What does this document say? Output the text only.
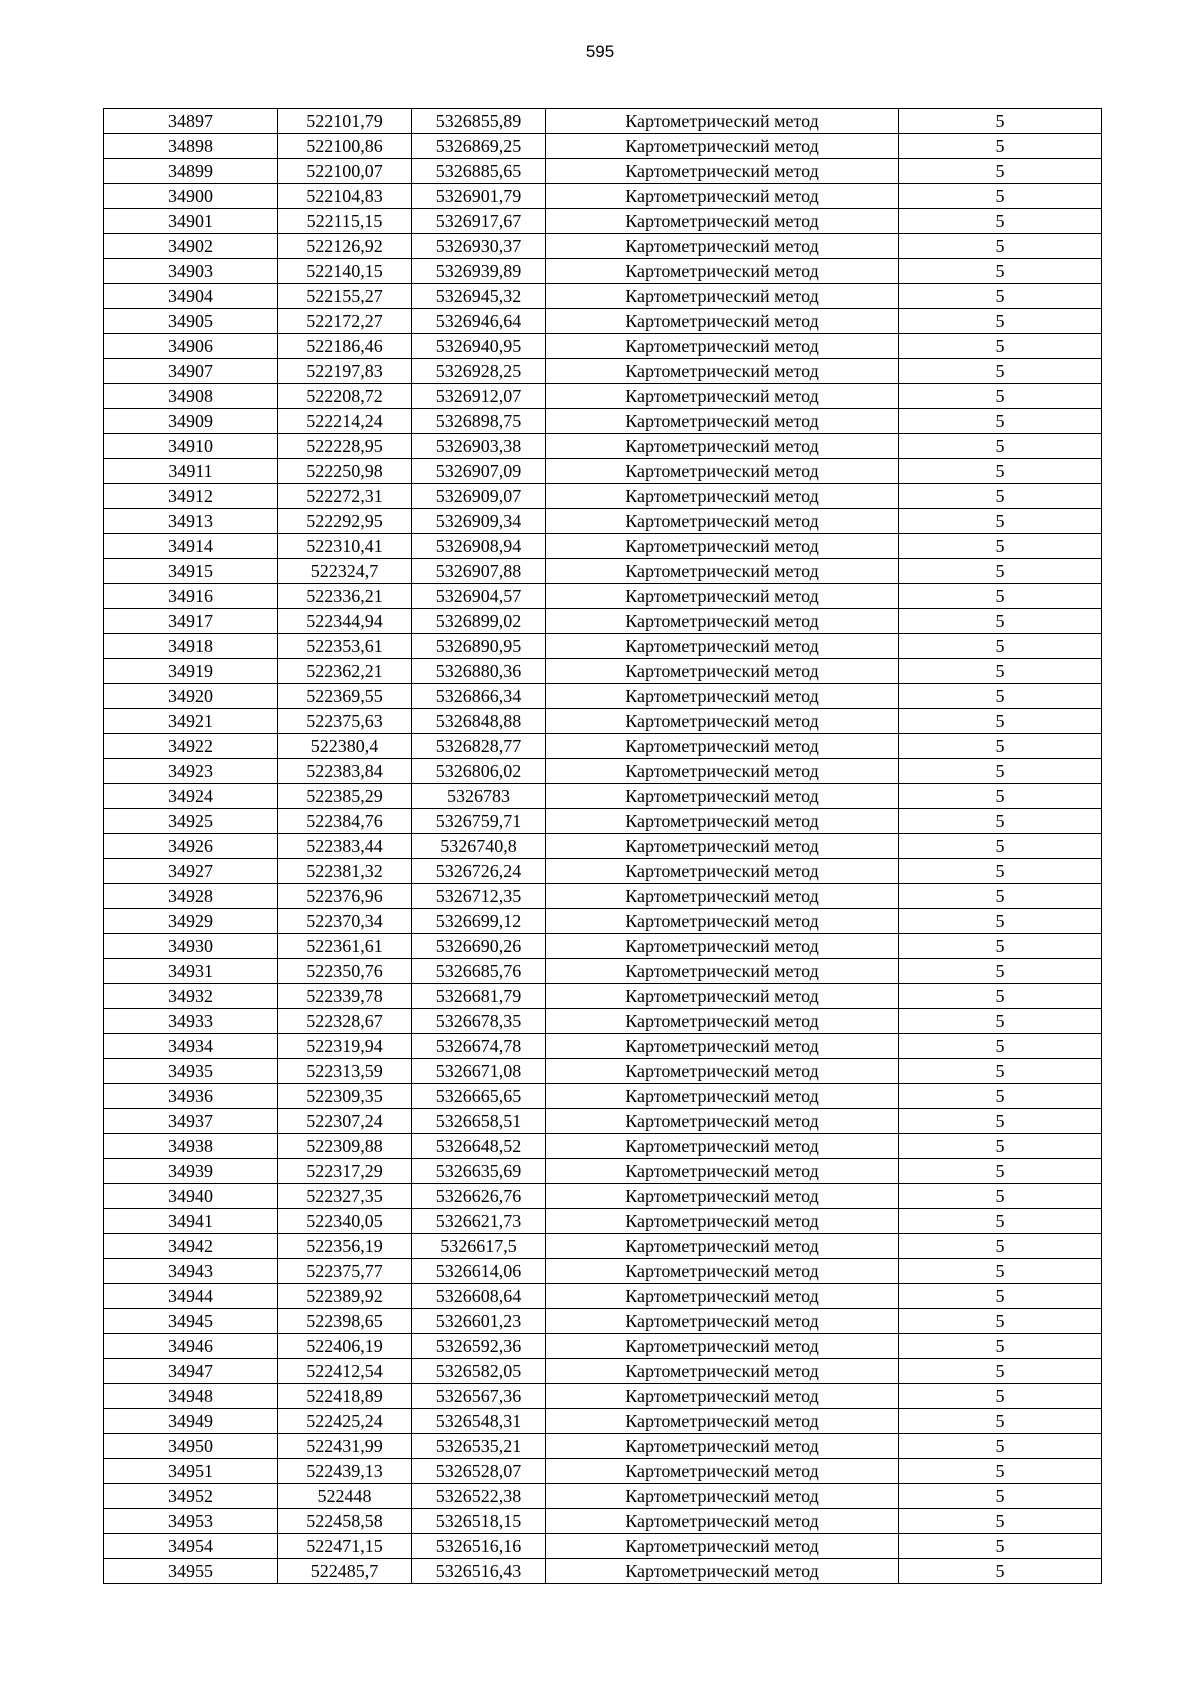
595
34897	522101,79	5326855,89	Картометрический метод	5
34898	522100,86	5326869,25	Картометрический метод	5
34899	522100,07	5326885,65	Картометрический метод	5
34900	522104,83	5326901,79	Картометрический метод	5
34901	522115,15	5326917,67	Картометрический метод	5
34902	522126,92	5326930,37	Картометрический метод	5
34903	522140,15	5326939,89	Картометрический метод	5
34904	522155,27	5326945,32	Картометрический метод	5
34905	522172,27	5326946,64	Картометрический метод	5
34906	522186,46	5326940,95	Картометрический метод	5
34907	522197,83	5326928,25	Картометрический метод	5
34908	522208,72	5326912,07	Картометрический метод	5
34909	522214,24	5326898,75	Картометрический метод	5
34910	522228,95	5326903,38	Картометрический метод	5
34911	522250,98	5326907,09	Картометрический метод	5
34912	522272,31	5326909,07	Картометрический метод	5
34913	522292,95	5326909,34	Картометрический метод	5
34914	522310,41	5326908,94	Картометрический метод	5
34915	522324,7	5326907,88	Картометрический метод	5
34916	522336,21	5326904,57	Картометрический метод	5
34917	522344,94	5326899,02	Картометрический метод	5
34918	522353,61	5326890,95	Картометрический метод	5
34919	522362,21	5326880,36	Картометрический метод	5
34920	522369,55	5326866,34	Картометрический метод	5
34921	522375,63	5326848,88	Картометрический метод	5
34922	522380,4	5326828,77	Картометрический метод	5
34923	522383,84	5326806,02	Картометрический метод	5
34924	522385,29	5326783	Картометрический метод	5
34925	522384,76	5326759,71	Картометрический метод	5
34926	522383,44	5326740,8	Картометрический метод	5
34927	522381,32	5326726,24	Картометрический метод	5
34928	522376,96	5326712,35	Картометрический метод	5
34929	522370,34	5326699,12	Картометрический метод	5
34930	522361,61	5326690,26	Картометрический метод	5
34931	522350,76	5326685,76	Картометрический метод	5
34932	522339,78	5326681,79	Картометрический метод	5
34933	522328,67	5326678,35	Картометрический метод	5
34934	522319,94	5326674,78	Картометрический метод	5
34935	522313,59	5326671,08	Картометрический метод	5
34936	522309,35	5326665,65	Картометрический метод	5
34937	522307,24	5326658,51	Картометрический метод	5
34938	522309,88	5326648,52	Картометрический метод	5
34939	522317,29	5326635,69	Картометрический метод	5
34940	522327,35	5326626,76	Картометрический метод	5
34941	522340,05	5326621,73	Картометрический метод	5
34942	522356,19	5326617,5	Картометрический метод	5
34943	522375,77	5326614,06	Картометрический метод	5
34944	522389,92	5326608,64	Картометрический метод	5
34945	522398,65	5326601,23	Картометрический метод	5
34946	522406,19	5326592,36	Картометрический метод	5
34947	522412,54	5326582,05	Картометрический метод	5
34948	522418,89	5326567,36	Картометрический метод	5
34949	522425,24	5326548,31	Картометрический метод	5
34950	522431,99	5326535,21	Картометрический метод	5
34951	522439,13	5326528,07	Картометрический метод	5
34952	522448	5326522,38	Картометрический метод	5
34953	522458,58	5326518,15	Картометрический метод	5
34954	522471,15	5326516,16	Картометрический метод	5
34955	522485,7	5326516,43	Картометрический метод	5
